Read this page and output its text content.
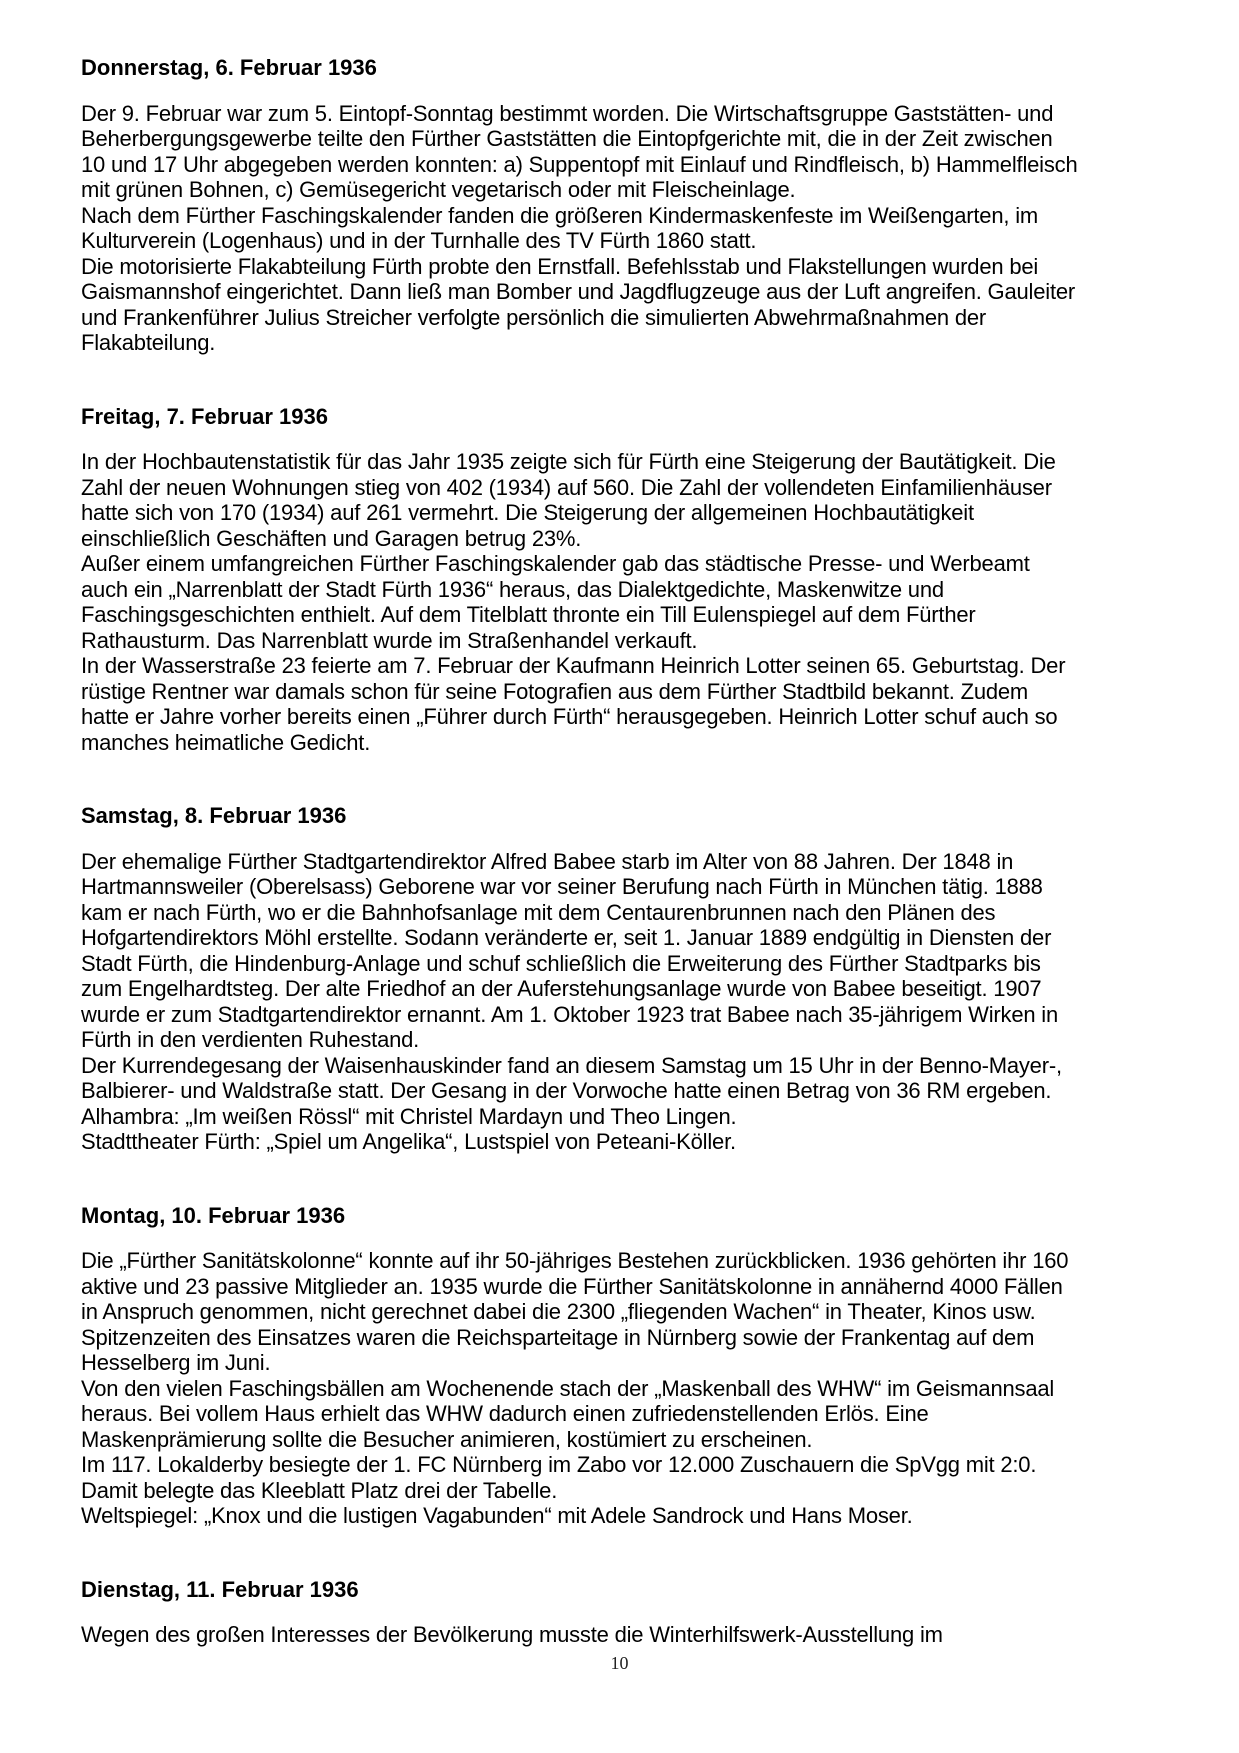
Donnerstag, 6. Februar 1936
Der 9. Februar war zum 5. Eintopf-Sonntag bestimmt worden. Die Wirtschaftsgruppe Gaststätten- und
Beherbergungsgewerbe teilte den Fürther Gaststätten die Eintopfgerichte mit, die in der Zeit zwischen
10 und 17 Uhr abgegeben werden konnten: a) Suppentopf mit Einlauf und Rindfleisch, b) Hammelfleisch
mit grünen Bohnen, c) Gemüsegericht vegetarisch oder mit Fleischeinlage.
Nach dem Fürther Faschingskalender fanden die größeren Kindermaskenfeste im Weißengarten, im
Kulturverein (Logenhaus) und in der Turnhalle des TV Fürth 1860 statt.
Die motorisierte Flakabteilung Fürth probte den Ernstfall. Befehlsstab und Flakstellungen wurden bei
Gaismannshof eingerichtet. Dann ließ man Bomber und Jagdflugzeuge aus der Luft angreifen. Gauleiter
und Frankenführer Julius Streicher verfolgte persönlich die simulierten Abwehrmaßnahmen der
Flakabteilung.
Freitag, 7. Februar 1936
In der Hochbautenstatistik für das Jahr 1935 zeigte sich für Fürth eine Steigerung der Bautätigkeit. Die
Zahl der neuen Wohnungen stieg von 402 (1934) auf 560. Die Zahl der vollendeten Einfamilienhäuser
hatte sich von 170 (1934) auf 261 vermehrt. Die Steigerung der allgemeinen Hochbautätigkeit
einschließlich Geschäften und Garagen betrug 23%.
Außer einem umfangreichen Fürther Faschingskalender gab das städtische Presse- und Werbeamt
auch ein „Narrenblatt der Stadt Fürth 1936“ heraus, das Dialektgedichte, Maskenwitze und
Faschingsgeschichten enthielt. Auf dem Titelblatt thronte ein Till Eulenspiegel auf dem Fürther
Rathausturm. Das Narrenblatt wurde im Straßenhandel verkauft.
In der Wasserstraße 23 feierte am 7. Februar der Kaufmann Heinrich Lotter seinen 65. Geburtstag. Der
rüstige Rentner war damals schon für seine Fotografien aus dem Fürther Stadtbild bekannt. Zudem
hatte er Jahre vorher bereits einen „Führer durch Fürth“ herausgegeben. Heinrich Lotter schuf auch so
manches heimatliche Gedicht.
Samstag, 8. Februar 1936
Der ehemalige Fürther Stadtgartendirektor Alfred Babee starb im Alter von 88 Jahren. Der 1848 in
Hartmannsweiler (Oberelsass) Geborene war vor seiner Berufung nach Fürth in München tätig. 1888
kam er nach Fürth, wo er die Bahnhofsanlage mit dem Centaurenbrunnen nach den Plänen des
Hofgartendirektors Möhl erstellte. Sodann veränderte er, seit 1. Januar 1889 endgültig in Diensten der
Stadt Fürth, die Hindenburg-Anlage und schuf schließlich die Erweiterung des Fürther Stadtparks bis
zum Engelhardtsteg. Der alte Friedhof an der Auferstehungsanlage wurde von Babee beseitigt. 1907
wurde er zum Stadtgartendirektor ernannt. Am 1. Oktober 1923 trat Babee nach 35-jährigem Wirken in
Fürth in den verdienten Ruhestand.
Der Kurrendegesang der Waisenhauskinder fand an diesem Samstag um 15 Uhr in der Benno-Mayer-,
Balbierer- und Waldstraße statt. Der Gesang in der Vorwoche hatte einen Betrag von 36 RM ergeben.
Alhambra: „Im weißen Rössl“ mit Christel Mardayn und Theo Lingen.
Stadttheater Fürth: „Spiel um Angelika“, Lustspiel von Peteani-Köller.
Montag, 10. Februar 1936
Die „Fürther Sanitätskolonne“ konnte auf ihr 50-jähriges Bestehen zurückblicken. 1936 gehörten ihr 160
aktive und 23 passive Mitglieder an. 1935 wurde die Fürther Sanitätskolonne in annähernd 4000 Fällen
in Anspruch genommen, nicht gerechnet dabei die 2300 „fliegenden Wachen“ in Theater, Kinos usw.
Spitzenzeiten des Einsatzes waren die Reichsparteitage in Nürnberg sowie der Frankentag auf dem
Hesselberg im Juni.
Von den vielen Faschingsbällen am Wochenende stach der „Maskenball des WHW“ im Geismannsaal
heraus. Bei vollem Haus erhielt das WHW dadurch einen zufriedenstellenden Erlös. Eine
Maskenprämierung sollte die Besucher animieren, kostümiert zu erscheinen.
Im 117. Lokalderby besiegte der 1. FC Nürnberg im Zabo vor 12.000 Zuschauern die SpVgg mit 2:0.
Damit belegte das Kleeblatt Platz drei der Tabelle.
Weltspiegel: „Knox und die lustigen Vagabunden“ mit Adele Sandrock und Hans Moser.
Dienstag, 11. Februar 1936
Wegen des großen Interesses der Bevölkerung musste die Winterhilfswerk-Ausstellung im
10
